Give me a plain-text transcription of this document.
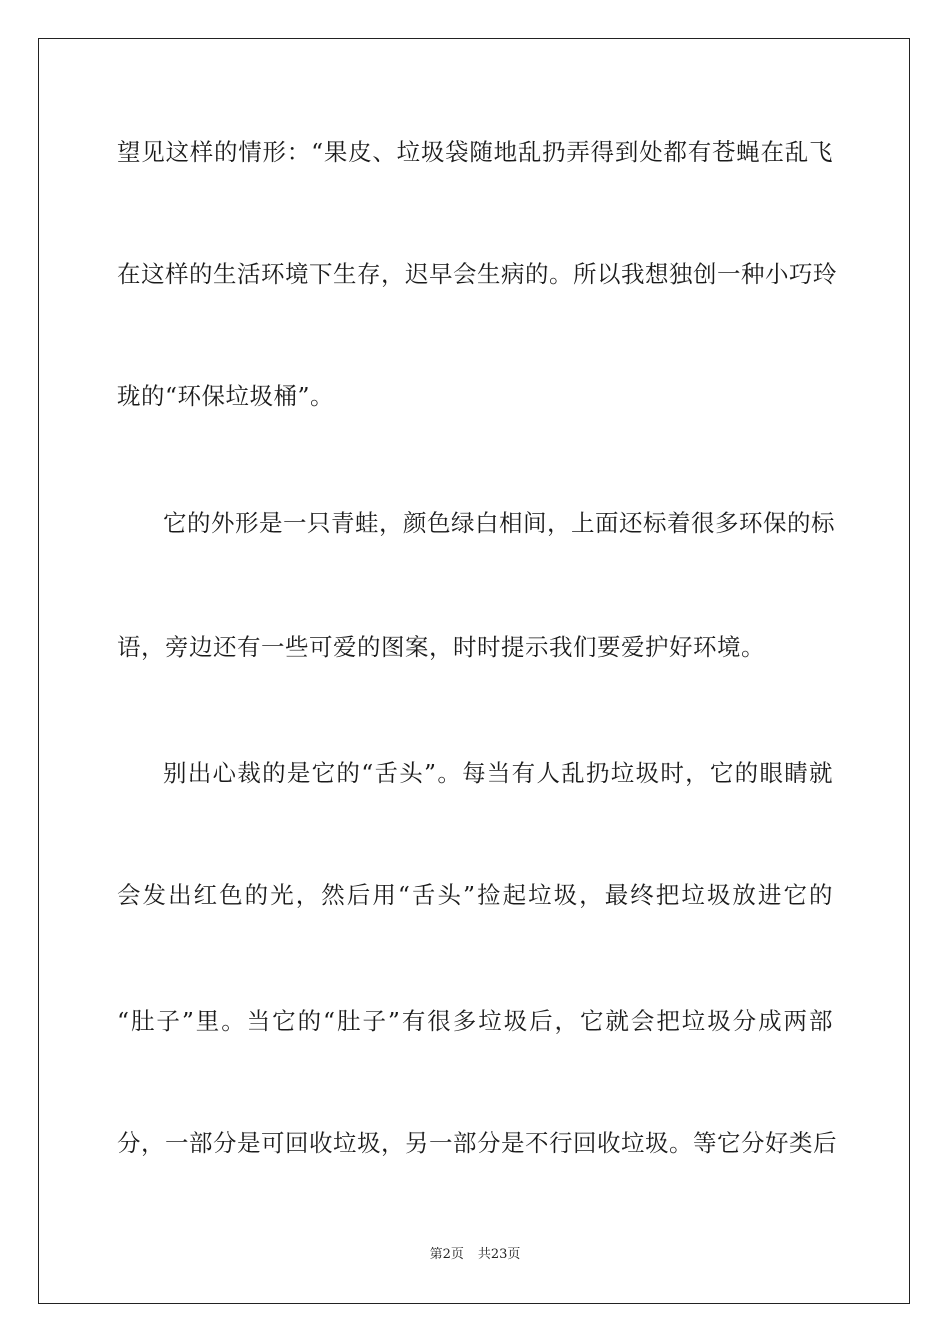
望见这样的情形：“果皮、垃圾袋随地乱扔弄得到处都有苍蝇在乱飞
在这样的生活环境下生存，迟早会生病的。所以我想独创一种小巧玲
珑的“环保垃圾桶”。
它的外形是一只青蛙，颜色绿白相间，上面还标着很多环保的标
语，旁边还有一些可爱的图案，时时提示我们要爱护好环境。
别出心裁的是它的“舌头”。每当有人乱扔垃圾时，它的眼睛就
会发出红色的光，然后用“舌头”捡起垃圾，最终把垃圾放进它的
“肚子”里。当它的“肚子”有很多垃圾后，它就会把垃圾分成两部
分，一部分是可回收垃圾，另一部分是不行回收垃圾。等它分好类后
第2页 共23页
